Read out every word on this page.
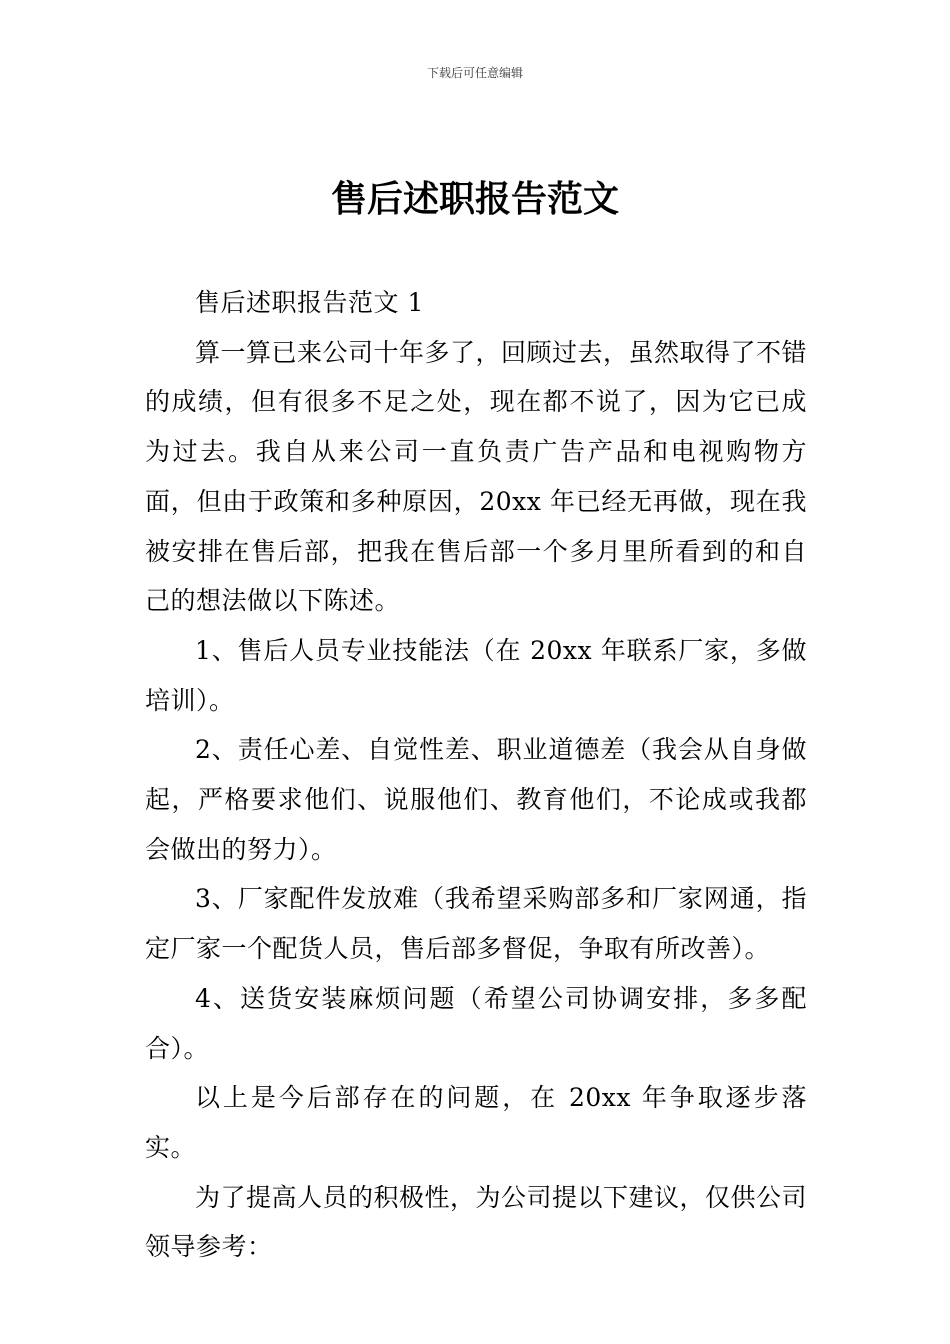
下载后可任意编辑
售后述职报告范文

售后述职报告范文 1

算一算已来公司十年多了，回顾过去，虽然取得了不错的成绩，但有很多不足之处，现在都不说了，因为它已成为过去。我自从来公司一直负责广告产品和电视购物方面，但由于政策和多种原因，20xx 年已经无再做，现在我被安排在售后部，把我在售后部一个多月里所看到的和自己的想法做以下陈述。

1、售后人员专业技能法（在 20xx 年联系厂家，多做培训）。

2、责任心差、自觉性差、职业道德差（我会从自身做起，严格要求他们、说服他们、教育他们，不论成或我都会做出的努力）。

3、厂家配件发放难（我希望采购部多和厂家网通，指定厂家一个配货人员，售后部多督促，争取有所改善）。

4、送货安装麻烦问题（希望公司协调安排，多多配合）。

以上是今后部存在的问题，在 20xx 年争取逐步落实。

为了提高人员的积极性，为公司提以下建议，仅供公司领导参考：
